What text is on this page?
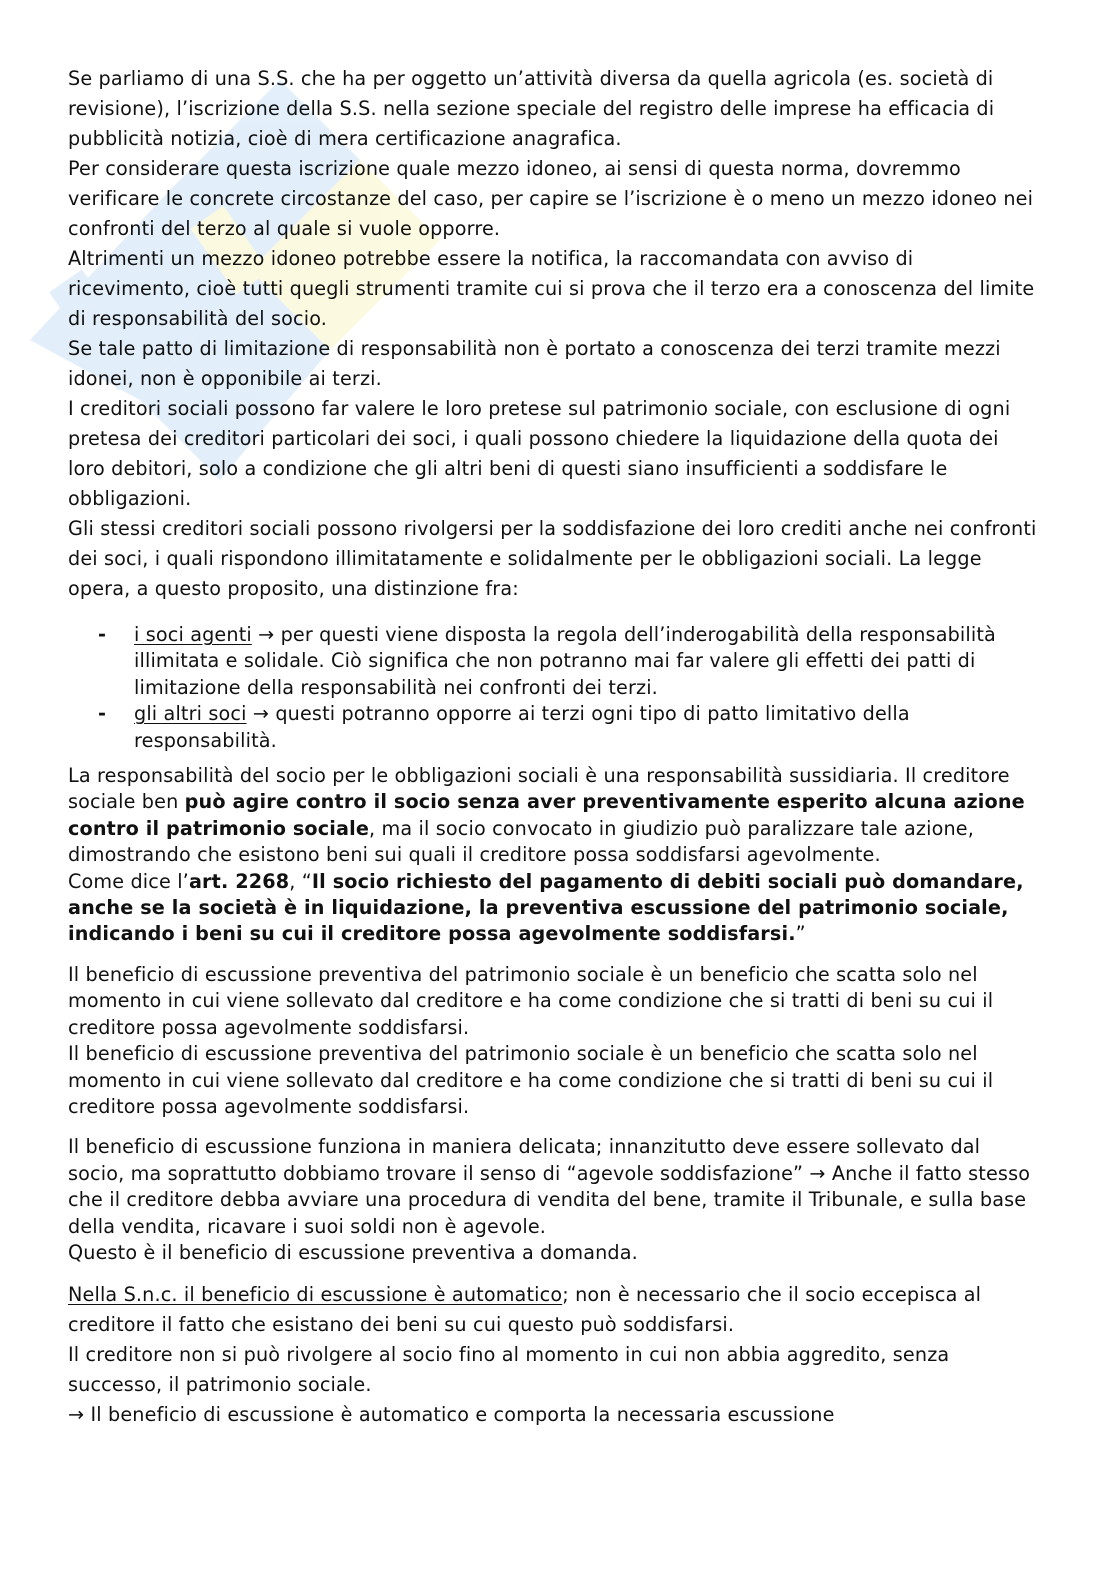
Se parliamo di una S.S. che ha per oggetto un’attività diversa da quella agricola (es. società di revisione), l’iscrizione della S.S. nella sezione speciale del registro delle imprese ha efficacia di pubblicità notizia, cioè di mera certificazione anagrafica.

Per considerare questa iscrizione quale mezzo idoneo, ai sensi di questa norma, dovremmo verificare le concrete circostanze del caso, per capire se l’iscrizione è o meno un mezzo idoneo nei confronti del terzo al quale si vuole opporre.

Altrimenti un mezzo idoneo potrebbe essere la notifica, la raccomandata con avviso di ricevimento, cioè tutti quegli strumenti tramite cui si prova che il terzo era a conoscenza del limite di responsabilità del socio.

Se tale patto di limitazione di responsabilità non è portato a conoscenza dei terzi tramite mezzi idonei, non è opponibile ai terzi.

I creditori sociali possono far valere le loro pretese sul patrimonio sociale, con esclusione di ogni pretesa dei creditori particolari dei soci, i quali possono chiedere la liquidazione della quota dei loro debitori, solo a condizione che gli altri beni di questi siano insufficienti a soddisfare le obbligazioni.

Gli stessi creditori sociali possono rivolgersi per la soddisfazione dei loro crediti anche nei confronti dei soci, i quali rispondono illimitatamente e solidalmente per le obbligazioni sociali. La legge opera, a questo proposito, una distinzione fra:

- i soci agenti → per questi viene disposta la regola dell’inderogabilità della responsabilità illimitata e solidale. Ciò significa che non potranno mai far valere gli effetti dei patti di limitazione della responsabilità nei confronti dei terzi.
- gli altri soci → questi potranno opporre ai terzi ogni tipo di patto limitativo della responsabilità.

La responsabilità del socio per le obbligazioni sociali è una responsabilità sussidiaria. Il creditore sociale ben può agire contro il socio senza aver preventivamente esperito alcuna azione contro il patrimonio sociale, ma il socio convocato in giudizio può paralizzare tale azione, dimostrando che esistono beni sui quali il creditore possa soddisfarsi agevolmente.

Come dice l’art. 2268, “Il socio richiesto del pagamento di debiti sociali può domandare, anche se la società è in liquidazione, la preventiva escussione del patrimonio sociale, indicando i beni su cui il creditore possa agevolmente soddisfarsi.”

Il beneficio di escussione preventiva del patrimonio sociale è un beneficio che scatta solo nel momento in cui viene sollevato dal creditore e ha come condizione che si tratti di beni su cui il creditore possa agevolmente soddisfarsi.

Il beneficio di escussione preventiva del patrimonio sociale è un beneficio che scatta solo nel momento in cui viene sollevato dal creditore e ha come condizione che si tratti di beni su cui il creditore possa agevolmente soddisfarsi.

Il beneficio di escussione funziona in maniera delicata; innanzitutto deve essere sollevato dal socio, ma soprattutto dobbiamo trovare il senso di “agevole soddisfazione” → Anche il fatto stesso che il creditore debba avviare una procedura di vendita del bene, tramite il Tribunale, e sulla base della vendita, ricavare i suoi soldi non è agevole.

Questo è il beneficio di escussione preventiva a domanda.

Nella S.n.c. il beneficio di escussione è automatico; non è necessario che il socio eccepisca al creditore il fatto che esistano dei beni su cui questo può soddisfarsi.

Il creditore non si può rivolgere al socio fino al momento in cui non abbia aggredito, senza successo, il patrimonio sociale.

→ Il beneficio di escussione è automatico e comporta la necessaria escussione
